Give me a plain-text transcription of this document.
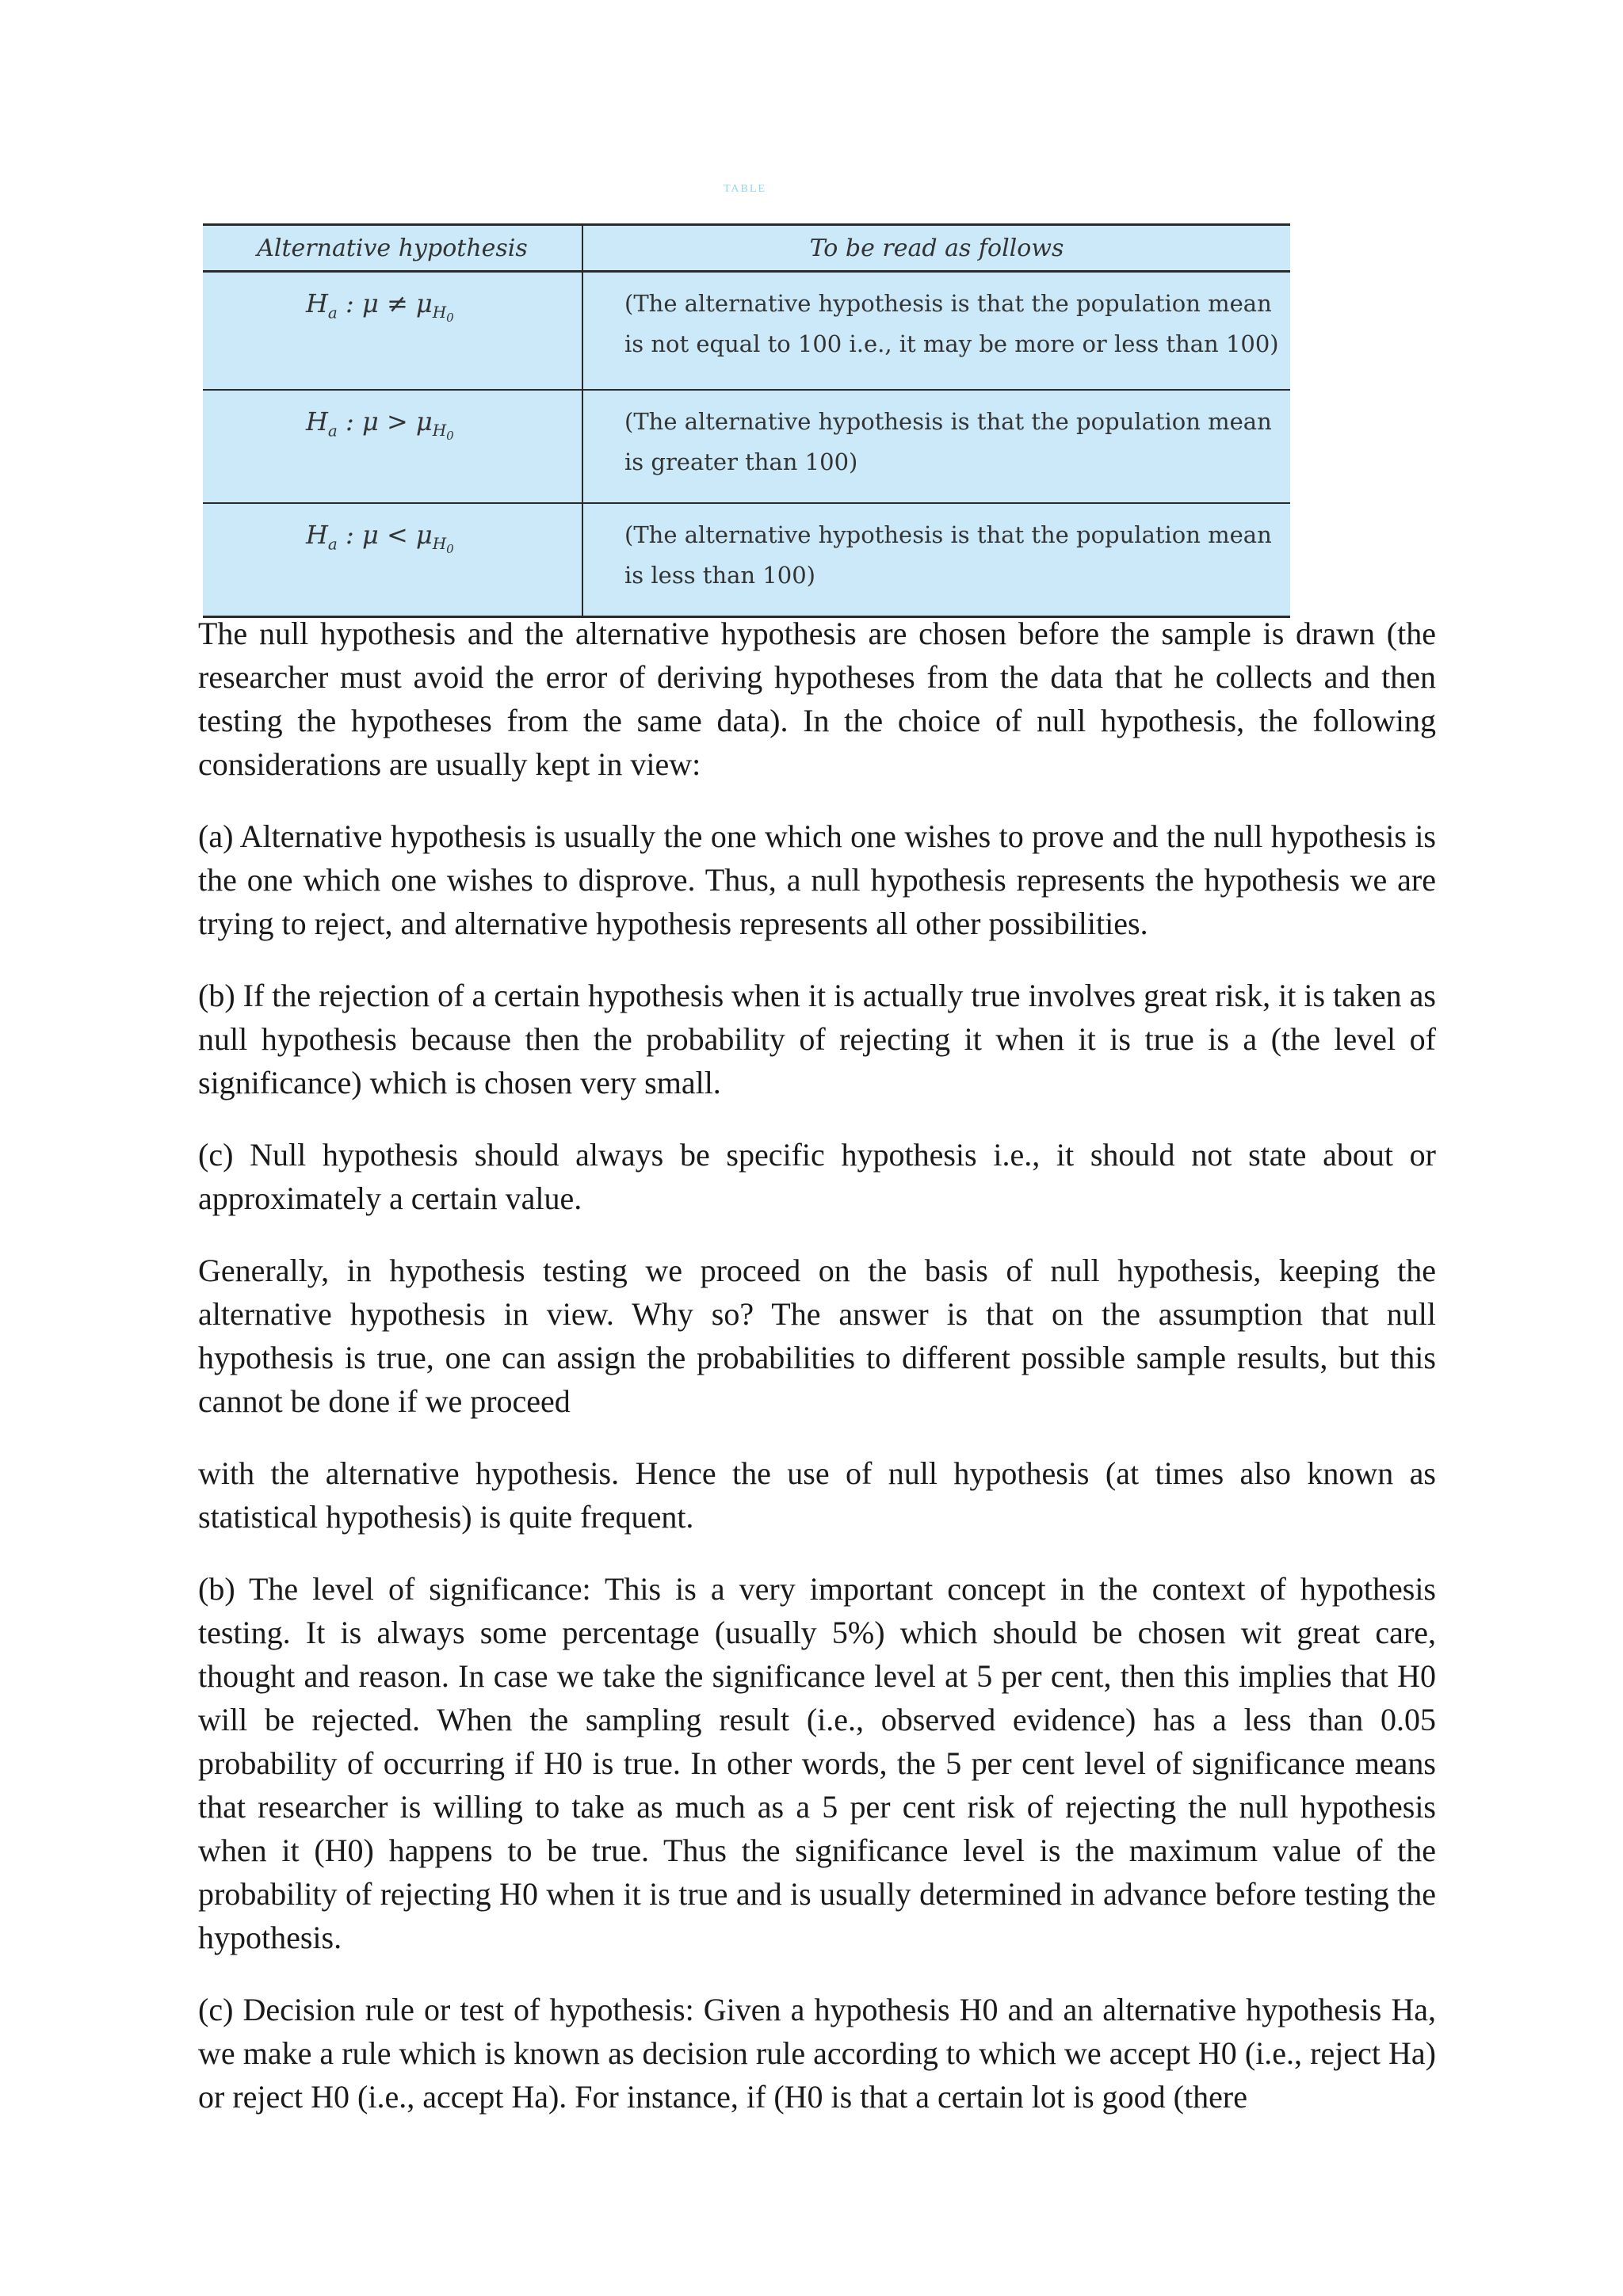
TABLE
Alternative hypothesis	To be read as follows
$H_a$ : $\mu \ne \mu_{H_0}$	(The alternative hypothesis is that the population mean is not equal to 100 i.e., it may be more or less than 100)
$H_a$ : $\mu > \mu_{H_0}$	(The alternative hypothesis is that the population mean is greater than 100)
$H_a$ : $\mu < \mu_{H_0}$	(The alternative hypothesis is that the population mean is less than 100)

The null hypothesis and the alternative hypothesis are chosen before the sample is drawn (the researcher must avoid the error of deriving hypotheses from the data that he collects and then testing the hypotheses from the same data). In the choice of null hypothesis, the following considerations are usually kept in view:

(a) Alternative hypothesis is usually the one which one wishes to prove and the null hypothesis is the one which one wishes to disprove. Thus, a null hypothesis represents the hypothesis we are trying to reject, and alternative hypothesis represents all other possibilities.

(b) If the rejection of a certain hypothesis when it is actually true involves great risk, it is taken as null hypothesis because then the probability of rejecting it when it is true is a (the level of significance) which is chosen very small.

(c) Null hypothesis should always be specific hypothesis i.e., it should not state about or approximately a certain value.

Generally, in hypothesis testing we proceed on the basis of null hypothesis, keeping the alternative hypothesis in view. Why so? The answer is that on the assumption that null hypothesis is true, one can assign the probabilities to different possible sample results, but this cannot be done if we proceed

with the alternative hypothesis. Hence the use of null hypothesis (at times also known as statistical hypothesis) is quite frequent.

(b) The level of significance: This is a very important concept in the context of hypothesis testing. It is always some percentage (usually 5%) which should be chosen wit great care, thought and reason. In case we take the significance level at 5 per cent, then this implies that H0 will be rejected. When the sampling result (i.e., observed evidence) has a less than 0.05 probability of occurring if H0 is true. In other words, the 5 per cent level of significance means that researcher is willing to take as much as a 5 per cent risk of rejecting the null hypothesis when it (H0) happens to be true. Thus the significance level is the maximum value of the probability of rejecting H0 when it is true and is usually determined in advance before testing the hypothesis.

(c) Decision rule or test of hypothesis: Given a hypothesis H0 and an alternative hypothesis Ha, we make a rule which is known as decision rule according to which we accept H0 (i.e., reject Ha) or reject H0 (i.e., accept Ha). For instance, if (H0 is that a certain lot is good (there
